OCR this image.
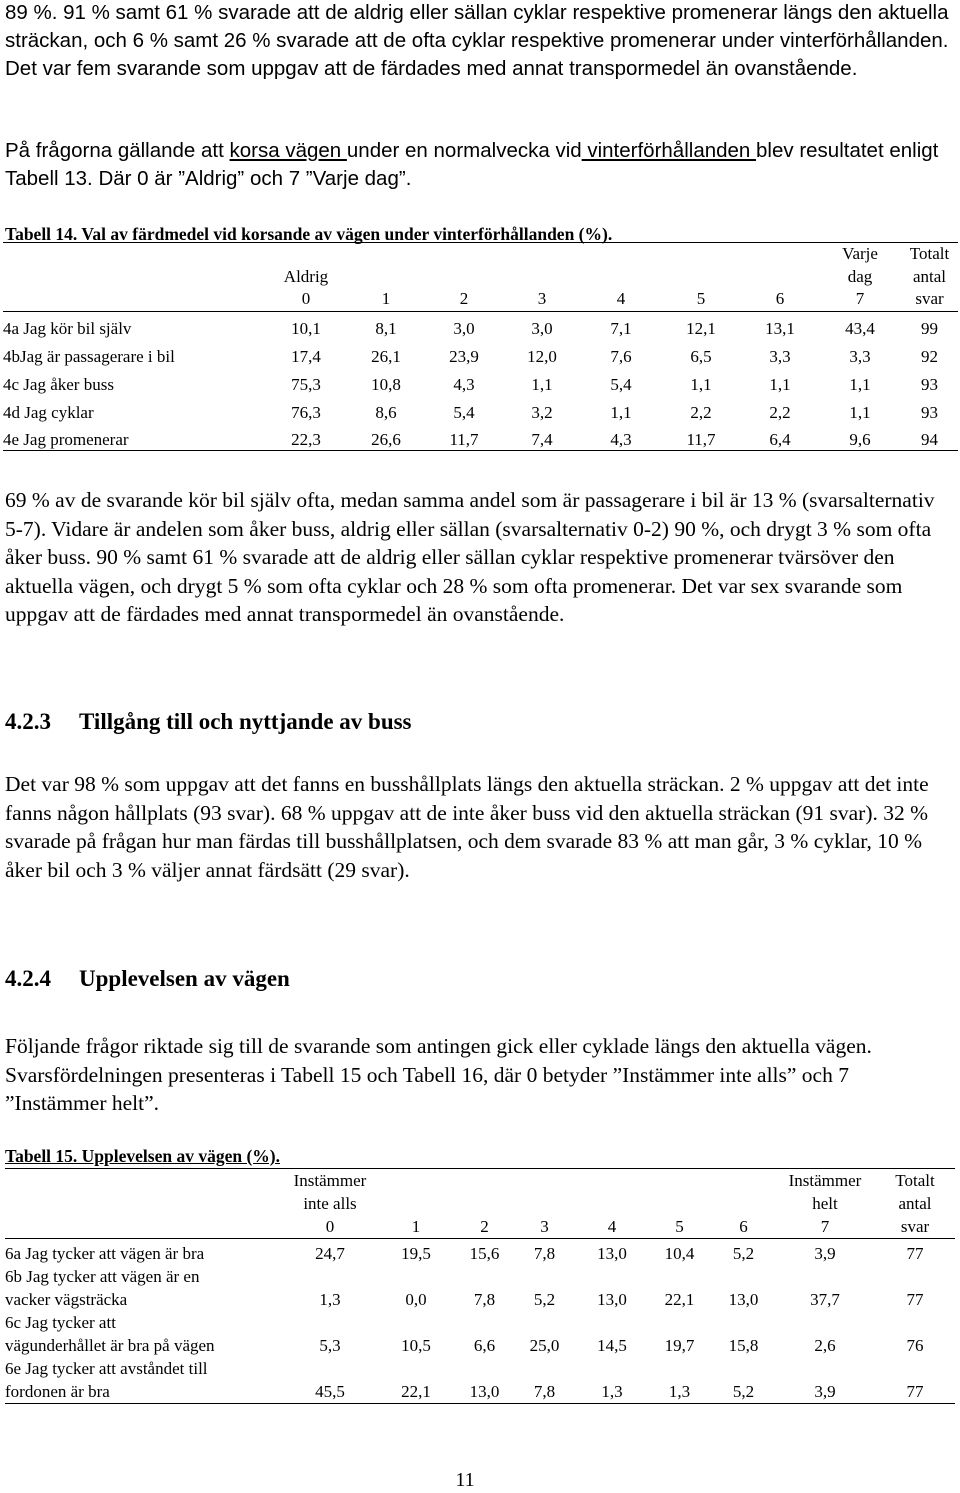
89 %. 91 % samt 61 % svarade att de aldrig eller sällan cyklar respektive promenerar längs den aktuella sträckan, och 6 % samt 26 % svarade att de ofta cyklar respektive promenerar under vinterförhållanden. Det var fem svarande som uppgav att de färdades med annat transpormedel än ovanstående.

På frågorna gällande att korsa vägen under en normalvecka vid vinterförhållanden blev resultatet enligt Tabell 13. Där 0 är ”Aldrig” och 7 ”Varje dag”.

Tabell 14. Val av färdmedel vid korsande av vägen under vinterförhållanden (%).

								Varje	Totalt
	Aldrig							dag	antal
	0	1	2	3	4	5	6	7	svar
4a Jag kör bil själv	10,1	8,1	3,0	3,0	7,1	12,1	13,1	43,4	99
4bJag är passagerare i bil	17,4	26,1	23,9	12,0	7,6	6,5	3,3	3,3	92
4c Jag åker buss	75,3	10,8	4,3	1,1	5,4	1,1	1,1	1,1	93
4d Jag cyklar	76,3	8,6	5,4	3,2	1,1	2,2	2,2	1,1	93
4e Jag promenerar	22,3	26,6	11,7	7,4	4,3	11,7	6,4	9,6	94

69 % av de svarande kör bil själv ofta, medan samma andel som är passagerare i bil är 13 % (svarsalternativ 5-7). Vidare är andelen som åker buss, aldrig eller sällan (svarsalternativ 0-2) 90 %, och drygt 3 % som ofta åker buss. 90 % samt 61 % svarade att de aldrig eller sällan cyklar respektive promenerar tvärsöver den aktuella vägen, och drygt 5 % som ofta cyklar och 28 % som ofta promenerar. Det var sex svarande som uppgav att de färdades med annat transpormedel än ovanstående.

4.2.3 Tillgång till och nyttjande av buss

Det var 98 % som uppgav att det fanns en busshållplats längs den aktuella sträckan. 2 % uppgav att det inte fanns någon hållplats (93 svar). 68 % uppgav att de inte åker buss vid den aktuella sträckan (91 svar). 32 % svarade på frågan hur man färdas till busshållplatsen, och dem svarade 83 % att man går, 3 % cyklar, 10 % åker bil och 3 % väljer annat färdsätt (29 svar).

4.2.4 Upplevelsen av vägen

Följande frågor riktade sig till de svarande som antingen gick eller cyklade längs den aktuella vägen. Svarsfördelningen presenteras i Tabell 15 och Tabell 16, där 0 betyder ”Instämmer inte alls” och 7 ”Instämmer helt”.

Tabell 15. Upplevelsen av vägen (%).

	Instämmer							Instämmer	Totalt
	inte alls							helt	antal
	0	1	2	3	4	5	6	7	svar
6a Jag tycker att vägen är bra	24,7	19,5	15,6	7,8	13,0	10,4	5,2	3,9	77
6b Jag tycker att vägen är en
vacker vägsträcka	1,3	0,0	7,8	5,2	13,0	22,1	13,0	37,7	77
6c Jag tycker att
vägunderhållet är bra på vägen	5,3	10,5	6,6	25,0	14,5	19,7	15,8	2,6	76
6e Jag tycker att avståndet till
fordonen är bra	45,5	22,1	13,0	7,8	1,3	1,3	5,2	3,9	77
11
